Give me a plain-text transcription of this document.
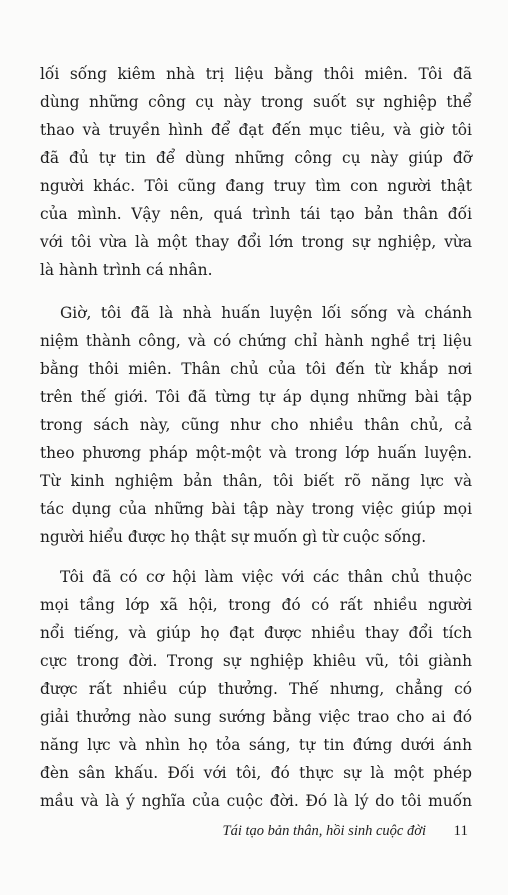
lối sống kiêm nhà trị liệu bằng thôi miên. Tôi đã
dùng những công cụ này trong suốt sự nghiệp thể
thao và truyền hình để đạt đến mục tiêu, và giờ tôi
đã đủ tự tin để dùng những công cụ này giúp đỡ
người khác. Tôi cũng đang truy tìm con người thật
của mình. Vậy nên, quá trình tái tạo bản thân đối
với tôi vừa là một thay đổi lớn trong sự nghiệp, vừa
là hành trình cá nhân.
Giờ, tôi đã là nhà huấn luyện lối sống và chánh
niệm thành công, và có chứng chỉ hành nghề trị liệu
bằng thôi miên. Thân chủ của tôi đến từ khắp nơi
trên thế giới. Tôi đã từng tự áp dụng những bài tập
trong sách này, cũng như cho nhiều thân chủ, cả
theo phương pháp một-một và trong lớp huấn luyện.
Từ kinh nghiệm bản thân, tôi biết rõ năng lực và
tác dụng của những bài tập này trong việc giúp mọi
người hiểu được họ thật sự muốn gì từ cuộc sống.
Tôi đã có cơ hội làm việc với các thân chủ thuộc
mọi tầng lớp xã hội, trong đó có rất nhiều người
nổi tiếng, và giúp họ đạt được nhiều thay đổi tích
cực trong đời. Trong sự nghiệp khiêu vũ, tôi giành
được rất nhiều cúp thưởng. Thế nhưng, chẳng có
giải thưởng nào sung sướng bằng việc trao cho ai đó
năng lực và nhìn họ tỏa sáng, tự tin đứng dưới ánh
đèn sân khấu. Đối với tôi, đó thực sự là một phép
mầu và là ý nghĩa của cuộc đời. Đó là lý do tôi muốn
Tái tạo bản thân, hồi sinh cuộc đời 11
